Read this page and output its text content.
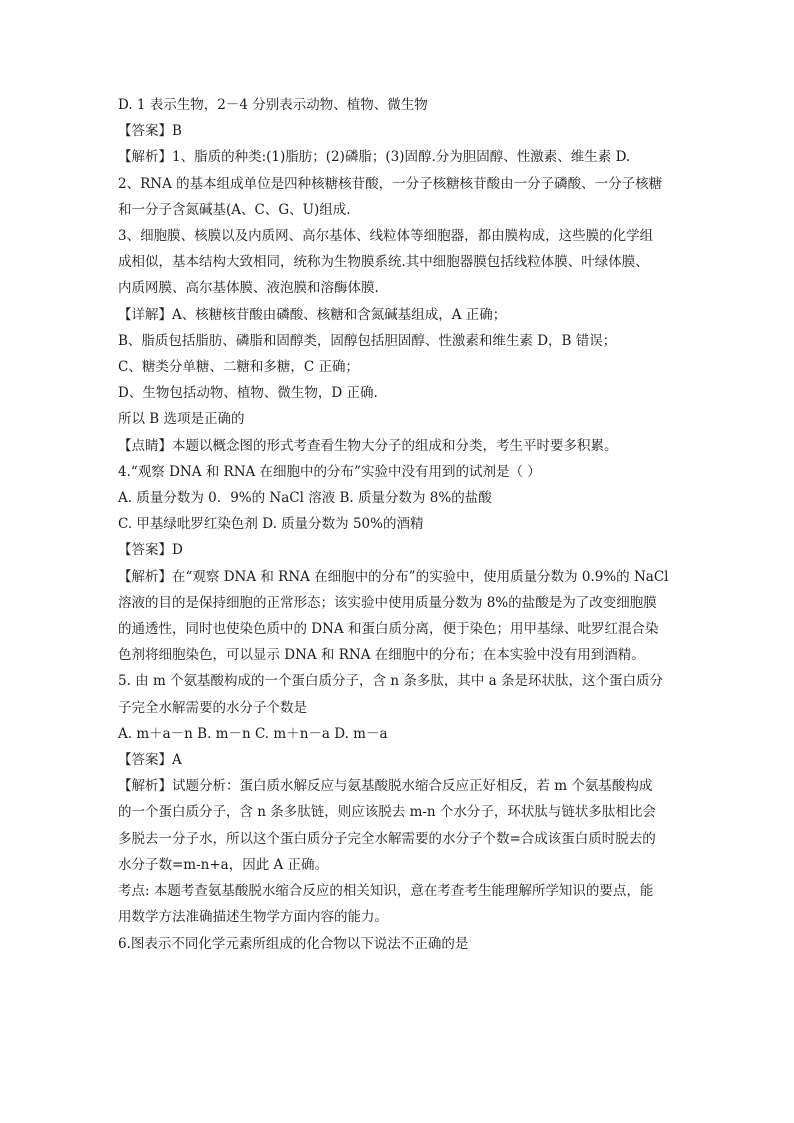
D. 1 表示生物，2－4 分别表示动物、植物、微生物

【答案】B

【解析】1、脂质的种类:(1)脂肪；(2)磷脂；(3)固醇.分为胆固醇、性激素、维生素 D.

2、RNA 的基本组成单位是四种核糖核苷酸，一分子核糖核苷酸由一分子磷酸、一分子核糖

和一分子含氮碱基(A、C、G、U)组成.

3、细胞膜、核膜以及内质网、高尔基体、线粒体等细胞器，都由膜构成，这些膜的化学组

成相似，基本结构大致相同，统称为生物膜系统.其中细胞器膜包括线粒体膜、叶绿体膜、

内质网膜、高尔基体膜、液泡膜和溶酶体膜.

【详解】A、核糖核苷酸由磷酸、核糖和含氮碱基组成，A 正确；

B、脂质包括脂肪、磷脂和固醇类，固醇包括胆固醇、性激素和维生素 D，B 错误；

C、糖类分单糖、二糖和多糖，C 正确；

D、生物包括动物、植物、微生物，D 正确.

所以 B 选项是正确的

【点睛】本题以概念图的形式考查看生物大分子的组成和分类，考生平时要多积累。

4.“观察 DNA 和 RNA 在细胞中的分布”实验中没有用到的试剂是（ ）

A. 质量分数为 0．9%的 NaCl 溶液 B. 质量分数为 8%的盐酸

C. 甲基绿吡罗红染色剂 D. 质量分数为 50%的酒精

【答案】D

【解析】在“观察 DNA 和 RNA 在细胞中的分布”的实验中，使用质量分数为 0.9%的 NaCl

溶液的目的是保持细胞的正常形态；该实验中使用质量分数为 8%的盐酸是为了改变细胞膜

的通透性，同时也使染色质中的 DNA 和蛋白质分离，便于染色；用甲基绿、吡罗红混合染

色剂将细胞染色，可以显示 DNA 和 RNA 在细胞中的分布；在本实验中没有用到酒精。

5. 由 m 个氨基酸构成的一个蛋白质分子，含 n 条多肽，其中 a 条是环状肽，这个蛋白质分

子完全水解需要的水分子个数是

A. m＋a－n B. m－n C. m＋n－a D. m－a

【答案】A

【解析】试题分析：蛋白质水解反应与氨基酸脱水缩合反应正好相反，若 m 个氨基酸构成

的一个蛋白质分子，含 n 条多肽链，则应该脱去 m-n 个水分子，环状肽与链状多肽相比会

多脱去一分子水，所以这个蛋白质分子完全水解需要的水分子个数=合成该蛋白质时脱去的

水分子数=m-n+a，因此 A 正确。

考点: 本题考查氨基酸脱水缩合反应的相关知识，意在考查考生能理解所学知识的要点，能

用数学方法准确描述生物学方面内容的能力。

6.图表示不同化学元素所组成的化合物以下说法不正确的是
